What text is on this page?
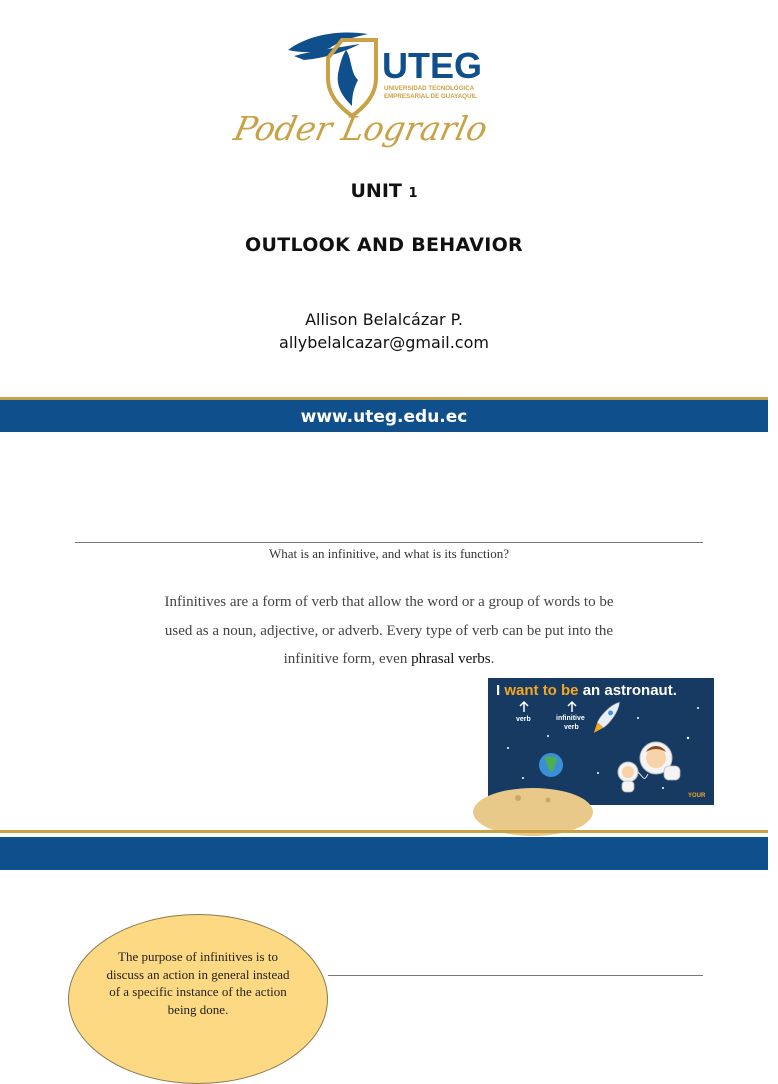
UTEG
UNIVERSIDAD TECNOLÓGICA
EMPRESARIAL DE GUAYAQUIL
Poder Lograrlo
UNIT 1
OUTLOOK AND BEHAVIOR
Allison Belalcázar P.
allybelalcazar@gmail.com
www.uteg.edu.ec
What is an infinitive, and what is its function?
Infinitives are a form of verb that allow the word or a group of words to be used as a noun, adjective, or adverb. Every type of verb can be put into the infinitive form, even phrasal verbs.
I want to be an astronaut.
verb	infinitive
verb
YOUR
The purpose of infinitives is to discuss an action in general instead of a specific instance of the action being done.
